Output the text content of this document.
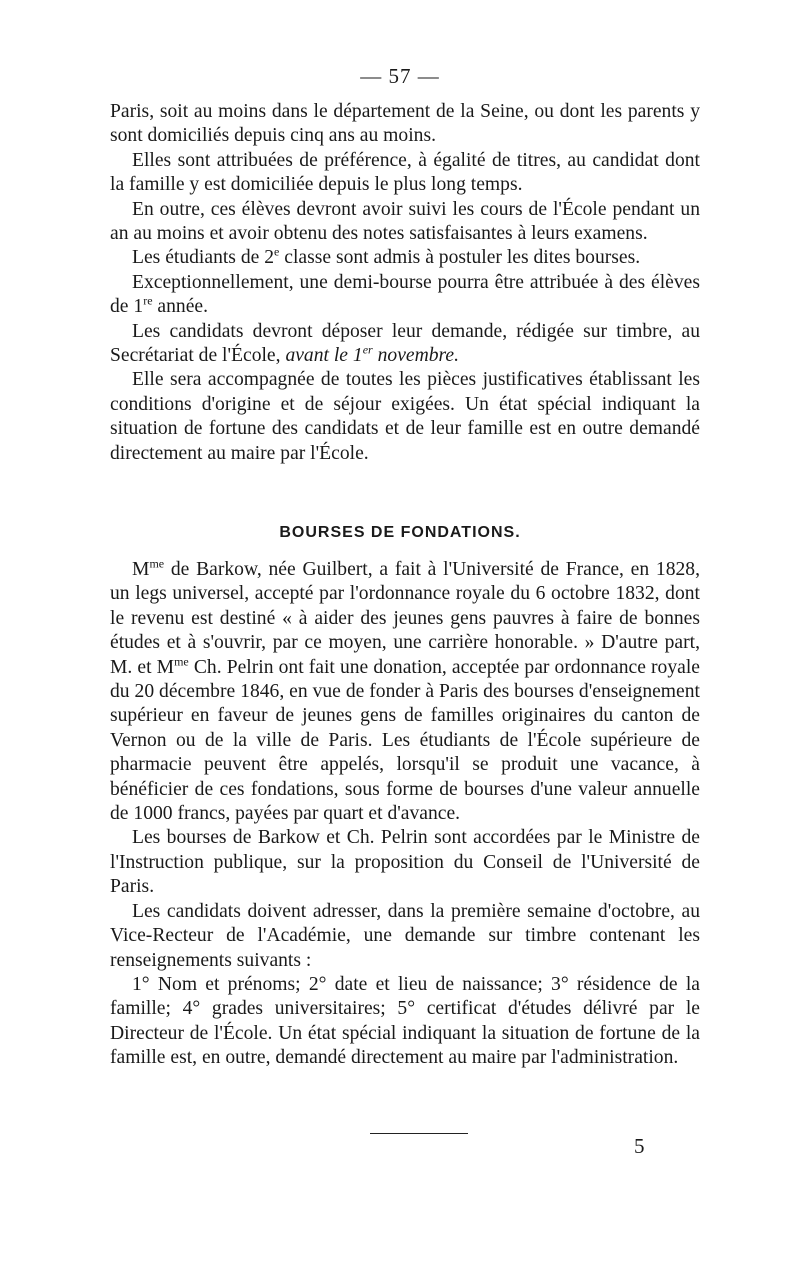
— 57 —

Paris, soit au moins dans le département de la Seine, ou dont les parents y sont domiciliés depuis cinq ans au moins.

Elles sont attribuées de préférence, à égalité de titres, au candidat dont la famille y est domiciliée depuis le plus long temps.

En outre, ces élèves devront avoir suivi les cours de l'École pendant un an au moins et avoir obtenu des notes satisfaisantes à leurs examens.

Les étudiants de 2e classe sont admis à postuler les dites bourses.

Exceptionnellement, une demi-bourse pourra être attribuée à des élèves de 1re année.

Les candidats devront déposer leur demande, rédigée sur timbre, au Secrétariat de l'École, avant le 1er novembre.

Elle sera accompagnée de toutes les pièces justificatives établissant les conditions d'origine et de séjour exigées. Un état spécial indiquant la situation de fortune des candidats et de leur famille est en outre demandé directement au maire par l'École.

BOURSES DE FONDATIONS.

$M^{me}$ de Barkow, née Guilbert, a fait à l'Université de France, en 1828, un legs universel, accepté par l'ordonnance royale du 6 octobre 1832, dont le revenu est destiné « à aider des jeunes gens pauvres à faire de bonnes études et à s'ouvrir, par ce moyen, une carrière honorable. » D'autre part, M. et $M^{me}$ Ch. Pelrin ont fait une donation, acceptée par ordonnance royale du 20 décembre 1846, en vue de fonder à Paris des bourses d'enseignement supérieur en faveur de jeunes gens de familles originaires du canton de Vernon ou de la ville de Paris. Les étudiants de l'École supérieure de pharmacie peuvent être appelés, lorsqu'il se produit une vacance, à bénéficier de ces fondations, sous forme de bourses d'une valeur annuelle de 1000 francs, payées par quart et d'avance.

Les bourses de Barkow et Ch. Pelrin sont accordées par le Ministre de l'Instruction publique, sur la proposition du Conseil de l'Université de Paris.

Les candidats doivent adresser, dans la première semaine d'octobre, au Vice-Recteur de l'Académie, une demande sur timbre contenant les renseignements suivants :

1° Nom et prénoms; 2° date et lieu de naissance; 3° résidence de la famille; 4° grades universitaires; 5° certificat d'études délivré par le Directeur de l'École. Un état spécial indiquant la situation de fortune de la famille est, en outre, demandé directement au maire par l'administration.

5
